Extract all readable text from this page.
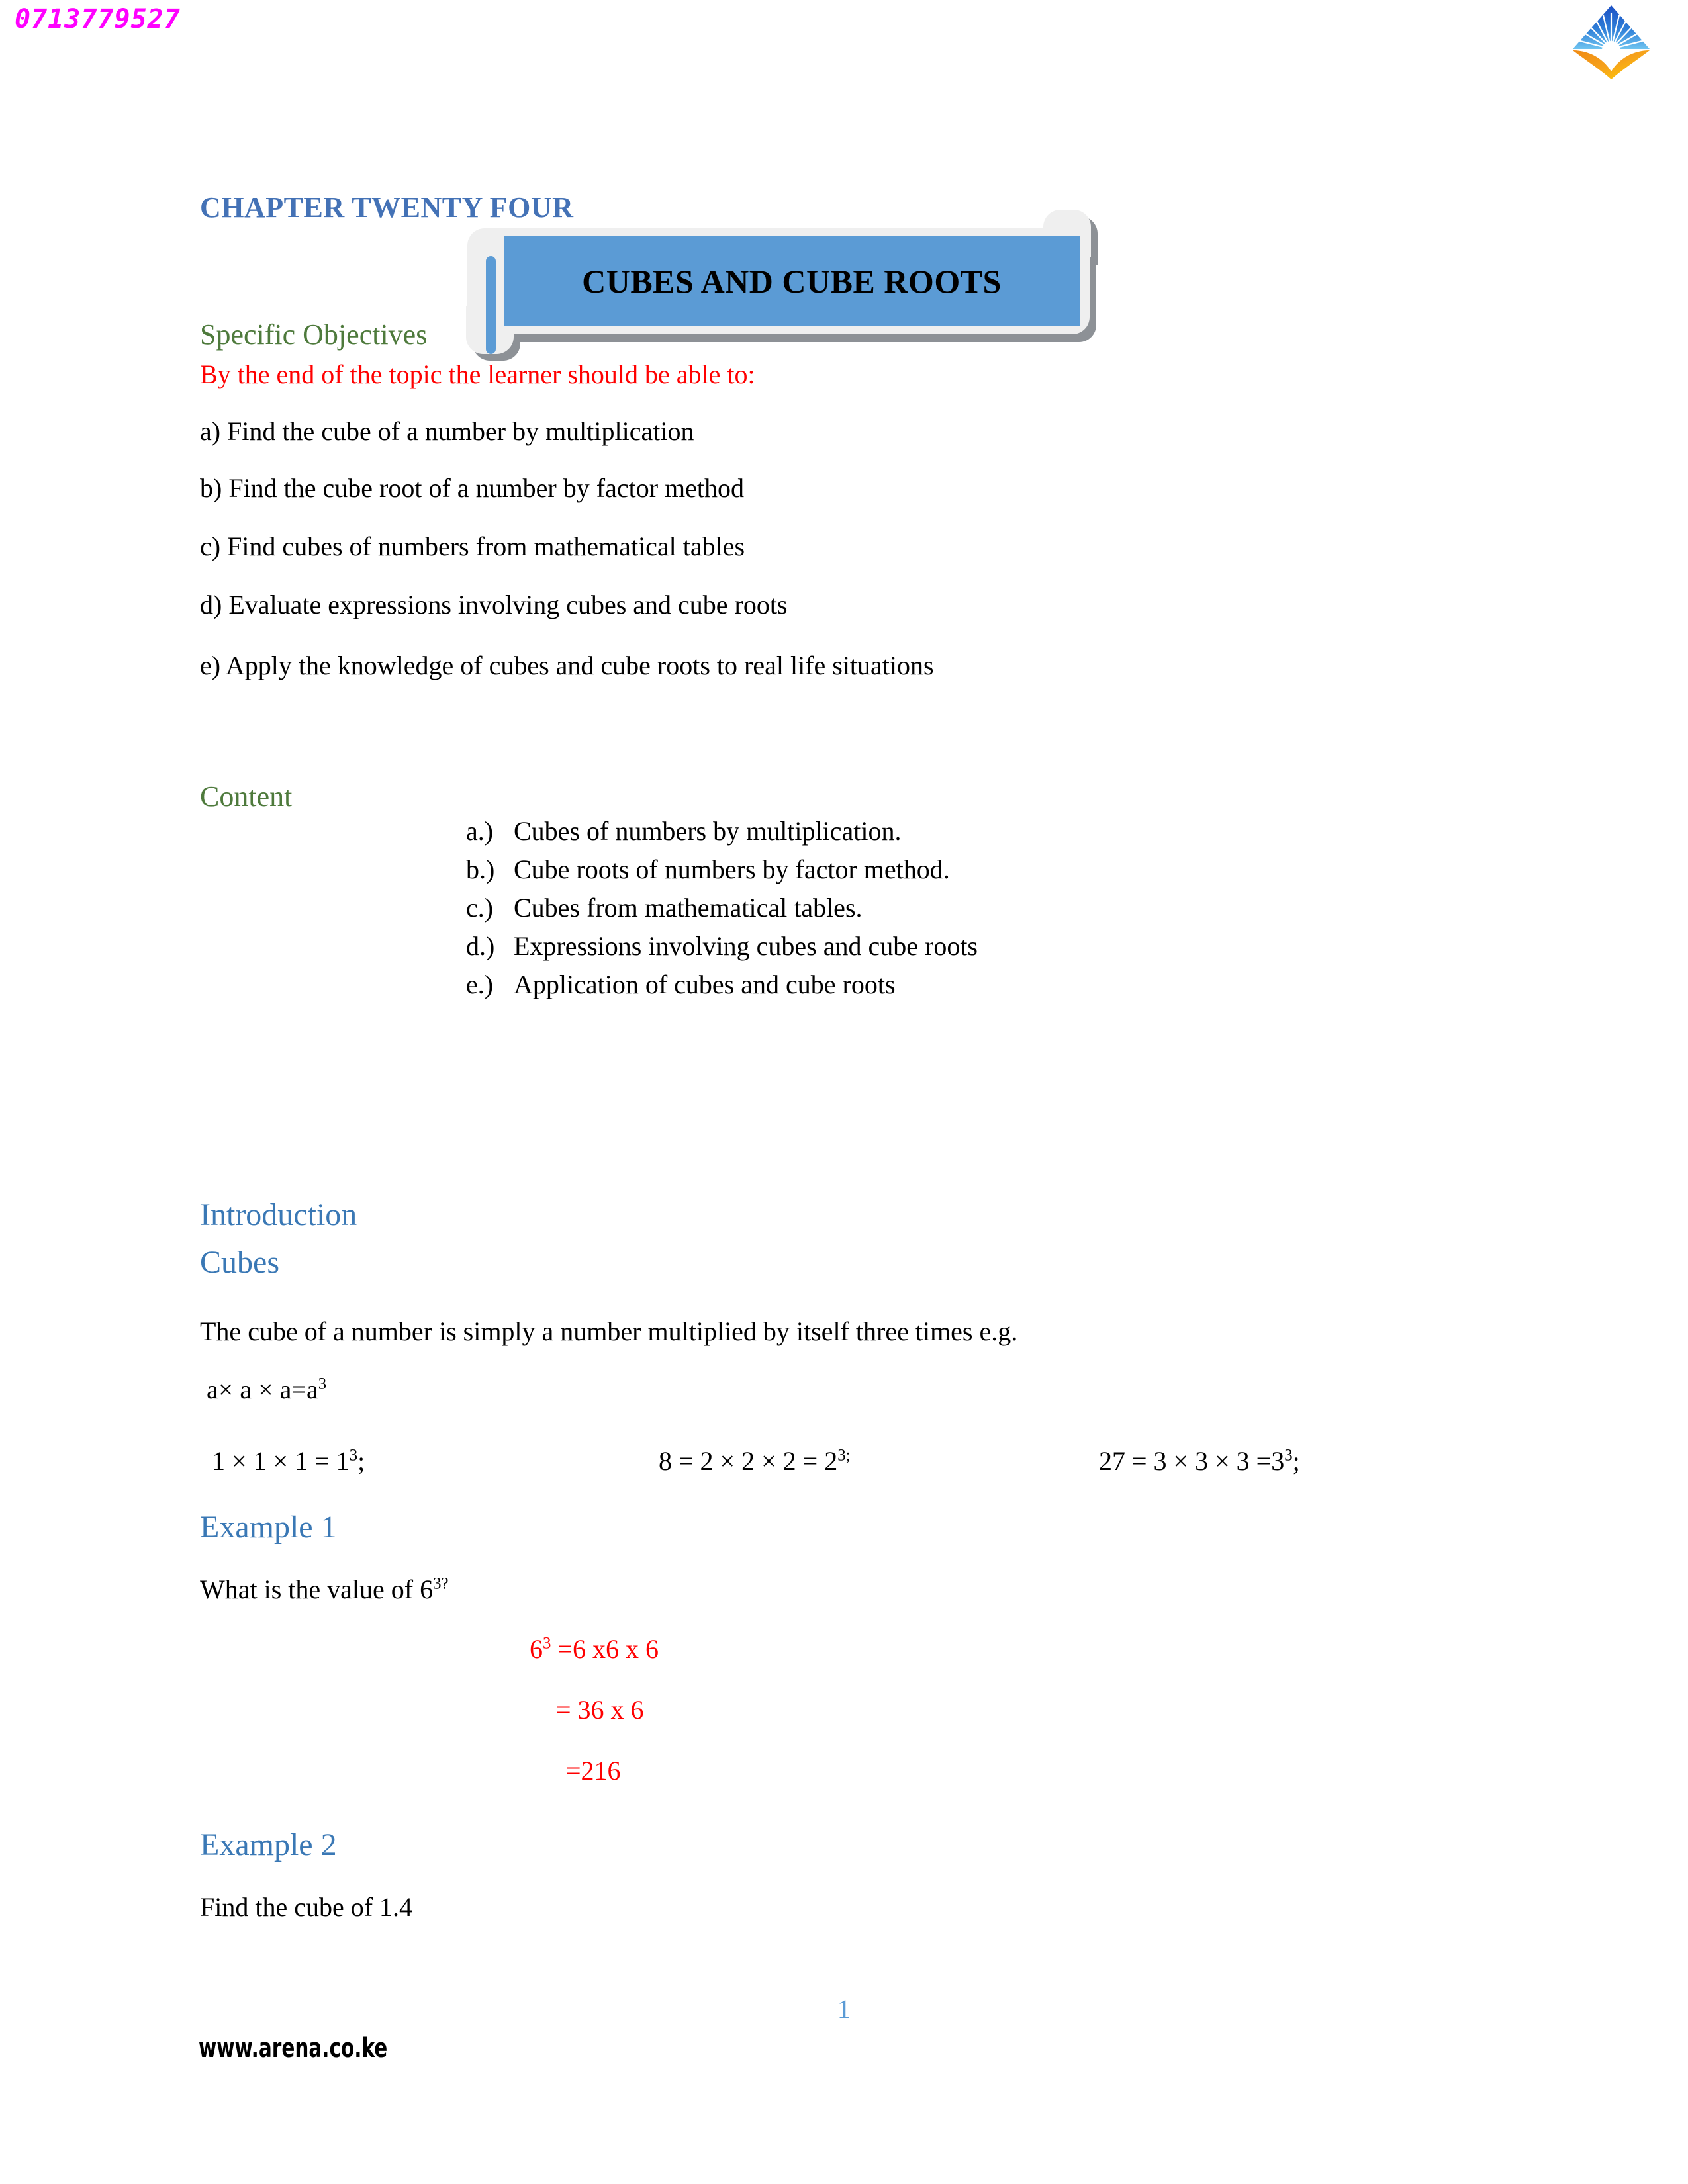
0713779527
CHAPTER TWENTY FOUR
CUBES AND CUBE ROOTS
Specific Objectives
By the end of the topic the learner should be able to:
a) Find the cube of a number by multiplication
b) Find the cube root of a number by factor method
c) Find cubes of numbers from mathematical tables
d) Evaluate expressions involving cubes and cube roots
e) Apply the knowledge of cubes and cube roots to real life situations
Content
a.) Cubes of numbers by multiplication.
b.) Cube roots of numbers by factor method.
c.) Cubes from mathematical tables.
d.) Expressions involving cubes and cube roots
e.) Application of cubes and cube roots
Introduction
Cubes
The cube of a number is simply a number multiplied by itself three times e.g.
$a\times a \times a=a^3$
$1 \times 1 \times 1 = 1^3$;	$8 = 2 \times 2 \times 2 = 2^{3;}$	$27 = 3 \times 3 \times 3 =3^3$;
Example 1
What is the value of $6^{3?}$
$6^3 =6$ x6 x 6
= 36 x 6
=216
Example 2
Find the cube of 1.4
1
www.arena.co.ke
